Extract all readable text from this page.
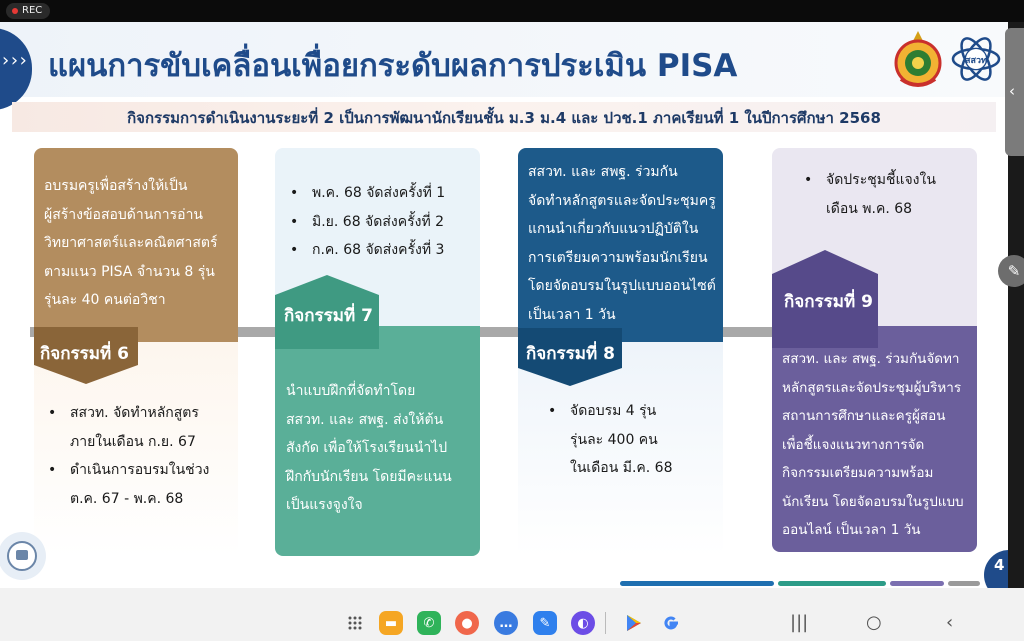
REC
››› แผนการขับเคลื่อนเพื่อยกระดับผลการประเมิน PISA	สสวท
กิจกรรมการดำเนินงานระยะที่ 2 เป็นการพัฒนานักเรียนชั้น ม.3 ม.4 และ ปวช.1 ภาคเรียนที่ 1 ในปีการศึกษา 2568
อบรมครูเพื่อสร้างให้เป็น
ผู้สร้างข้อสอบด้านการอ่าน
วิทยาศาสตร์และคณิตศาสตร์
ตามแนว PISA จำนวน 8 รุ่น
รุ่นละ 40 คนต่อวิชา
กิจกรรมที่ 6
• สสวท. จัดทำหลักสูตร
ภายในเดือน ก.ย. 67
• ดำเนินการอบรมในช่วง
ต.ค. 67 - พ.ค. 68
• พ.ค. 68 จัดส่งครั้งที่ 1
• มิ.ย. 68 จัดส่งครั้งที่ 2
• ก.ค. 68 จัดส่งครั้งที่ 3
กิจกรรมที่ 7
นำแบบฝึกที่จัดทำโดย
สสวท. และ สพฐ. ส่งให้ต้น
สังกัด เพื่อให้โรงเรียนนำไป
ฝึกกับนักเรียน โดยมีคะแนน
เป็นแรงจูงใจ
สสวท. และ สพฐ. ร่วมกัน
จัดทำหลักสูตรและจัดประชุมครู
แกนนำเกี่ยวกับแนวปฏิบัติใน
การเตรียมความพร้อมนักเรียน
โดยจัดอบรมในรูปแบบออนไซต์
เป็นเวลา 1 วัน
กิจกรรมที่ 8
• จัดอบรม 4 รุ่น
รุ่นละ 400 คน
ในเดือน มี.ค. 68
• จัดประชุมชี้แจงใน
เดือน พ.ค. 68
กิจกรรมที่ 9
สสวท. และ สพฐ. ร่วมกันจัดทา
หลักสูตรและจัดประชุมผู้บริหาร
สถานการศึกษาและครูผู้สอน
เพื่อชี้แจงแนวทางการจัด
กิจกรรมเตรียมความพร้อม
นักเรียน โดยจัดอบรมในรูปแบบ
ออนไลน์ เป็นเวลา 1 วัน
4
‹
✎
▬	✆	●	…	✎	◐	|||	○	‹
